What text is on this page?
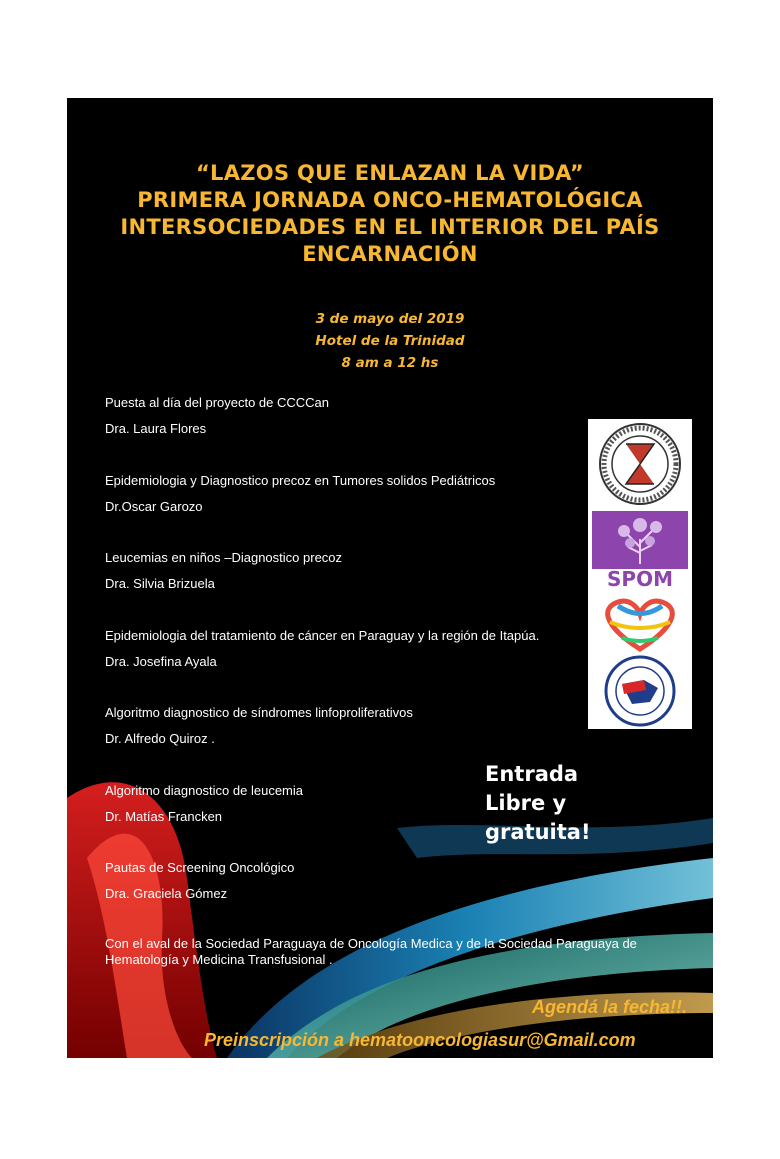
“LAZOS QUE ENLAZAN LA VIDA”
PRIMERA JORNADA ONCO-HEMATOLÓGICA
INTERSOCIEDADES EN EL INTERIOR DEL PAÍS
ENCARNACIÓN
3 de mayo del 2019
Hotel de la Trinidad
8 am a 12 hs
Puesta al día del proyecto de CCCCan
Dra. Laura Flores
Epidemiologia y Diagnostico precoz en Tumores solidos Pediátricos
Dr.Oscar Garozo
Leucemias en niños –Diagnostico precoz
Dra. Silvia Brizuela
Epidemiologia del tratamiento de cáncer en Paraguay y la región de Itapúa.
Dra. Josefina Ayala
Algoritmo diagnostico de síndromes linfoproliferativos
Dr. Alfredo Quiroz .
Algoritmo diagnostico de leucemia
Dr. Matías Francken
Pautas de Screening Oncológico
Dra. Graciela Gómez
Con el aval de la Sociedad Paraguaya de Oncología Medica y de la Sociedad Paraguaya de Hematología y Medicina Transfusional .
Entrada
Libre y
gratuita!
SPOM
Agendá la fecha!!.
Preinscripción a hematooncologiasur@Gmail.com
